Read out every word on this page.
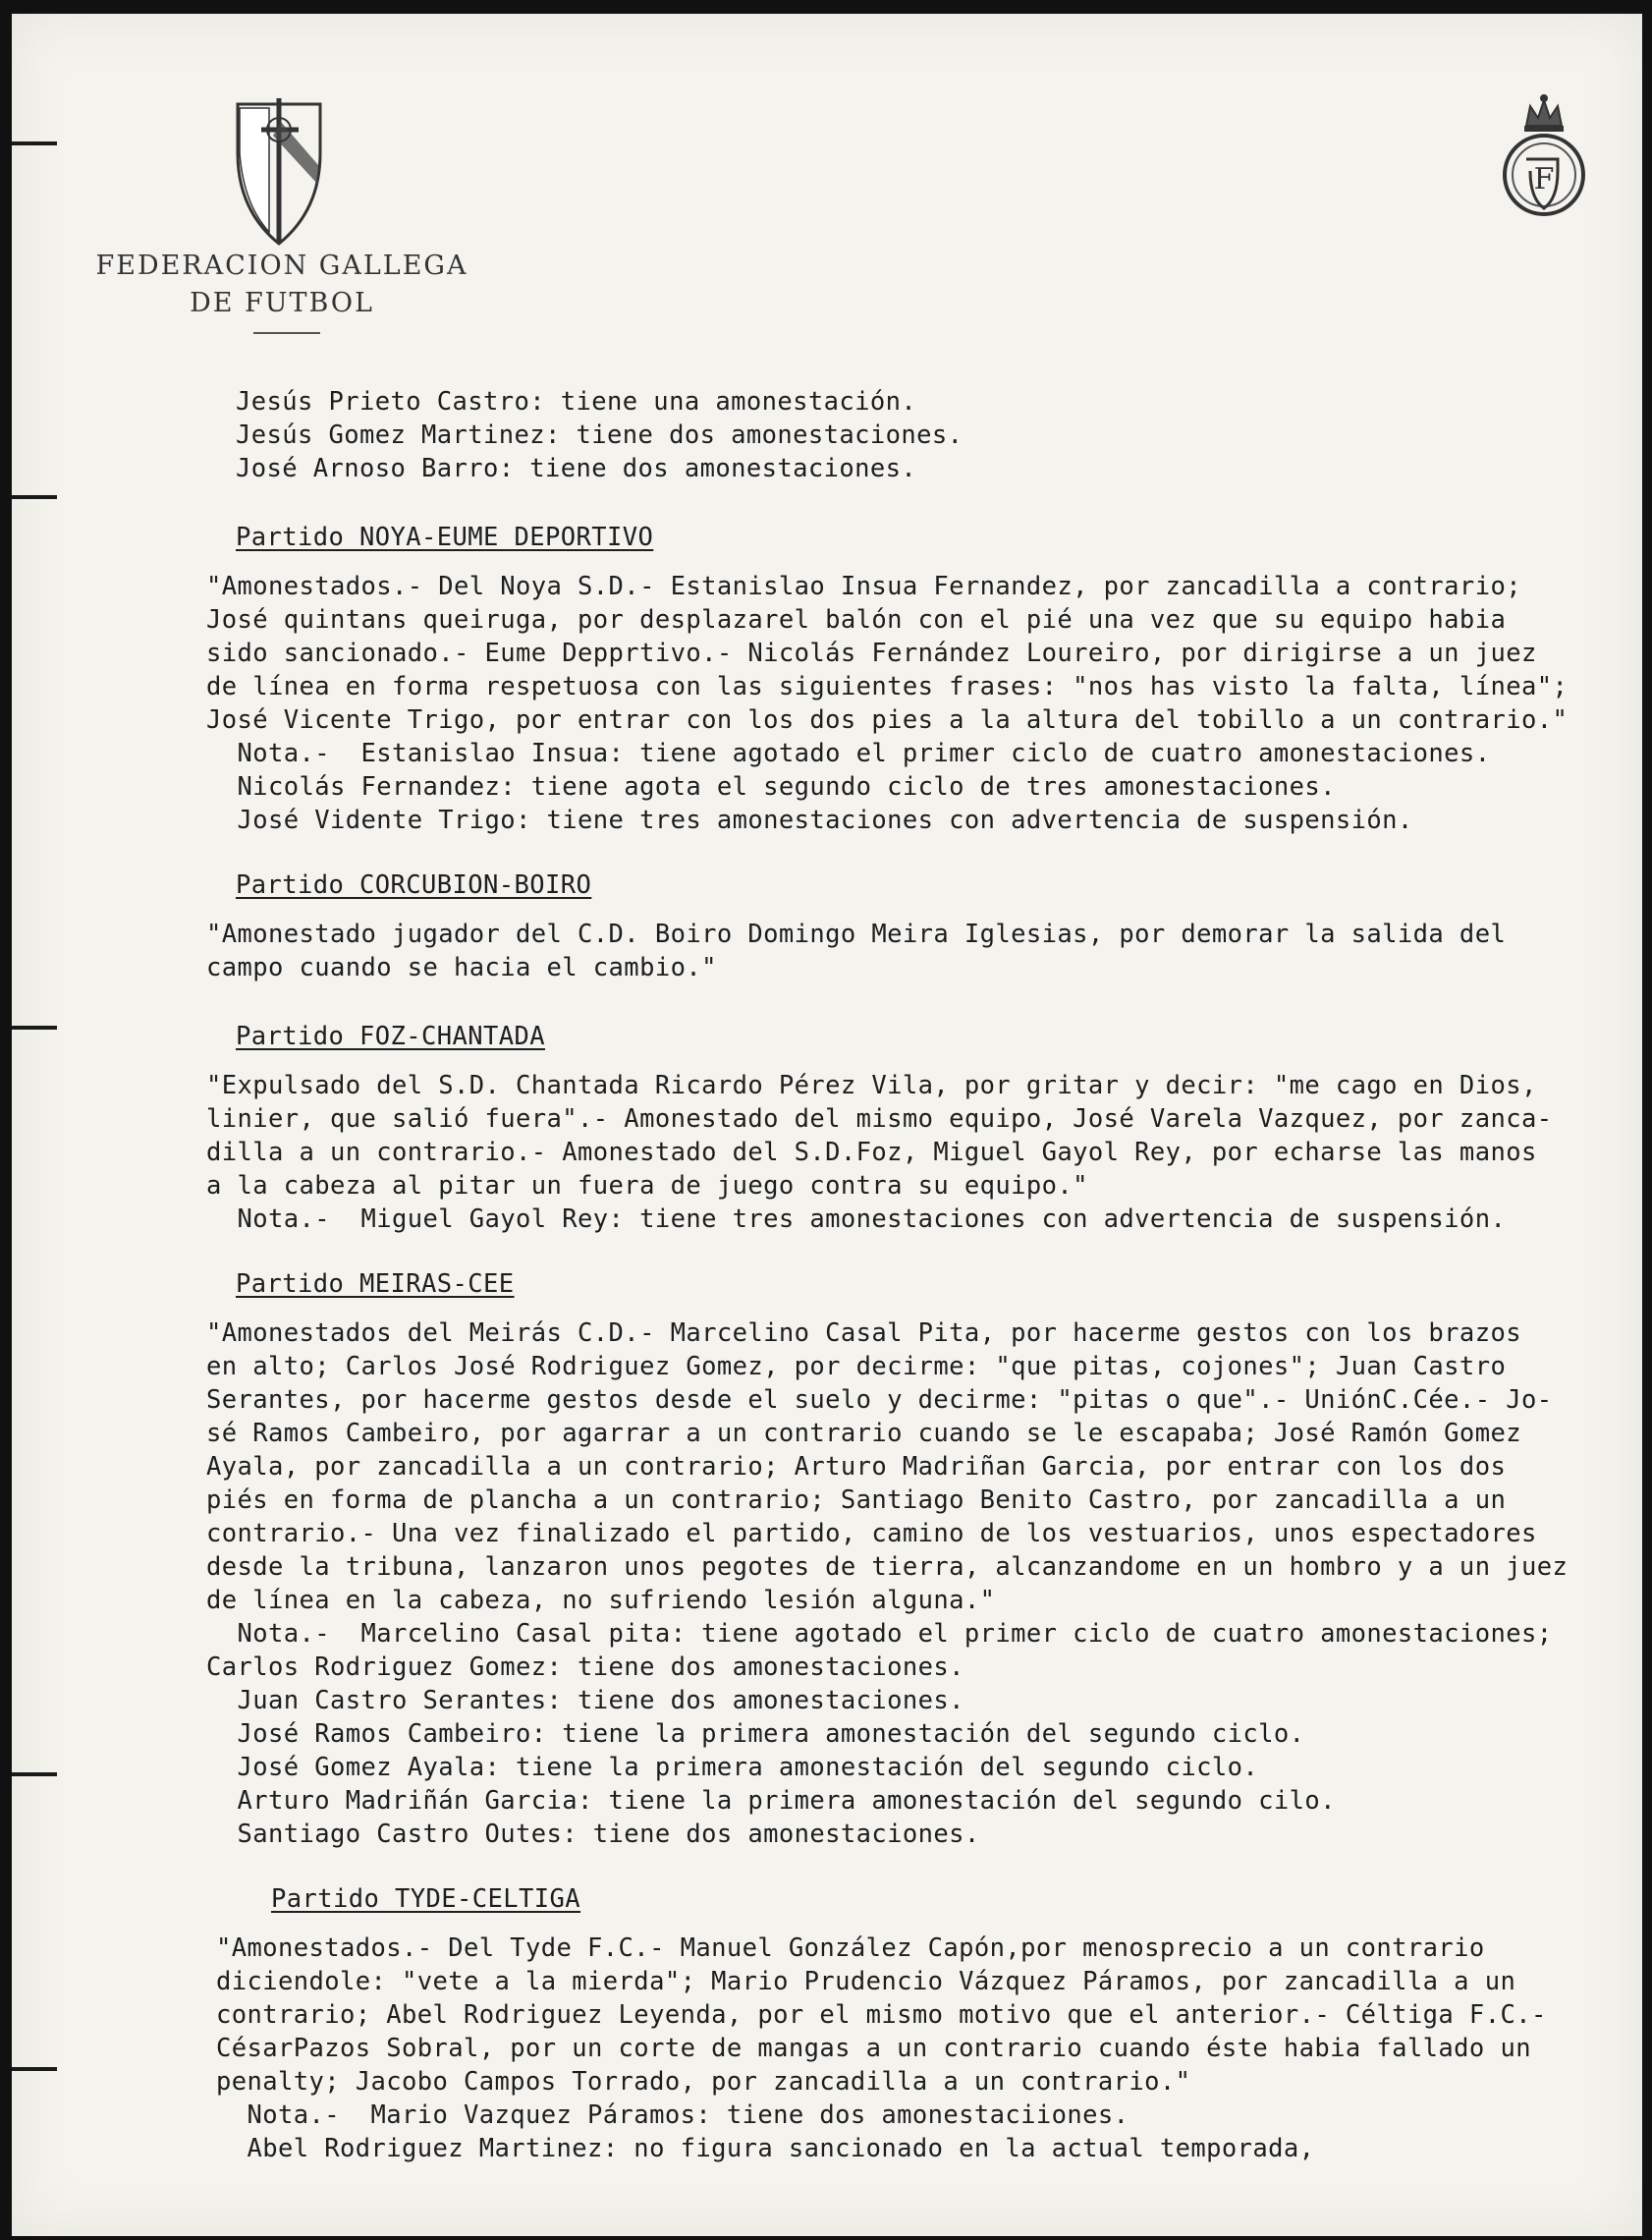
FEDERACION GALLEGA
DE FUTBOL
F
Jesús Prieto Castro: tiene una amonestación.
Jesús Gomez Martinez: tiene dos amonestaciones.
José Arnoso Barro: tiene dos amonestaciones.
Partido NOYA-EUME DEPORTIVO
"Amonestados.- Del Noya S.D.- Estanislao Insua Fernandez, por zancadilla a contrario;
José quintans queiruga, por desplazarel balón con el pié una vez que su equipo habia
sido sancionado.- Eume Depprtivo.- Nicolás Fernández Loureiro, por dirigirse a un juez
de línea en forma respetuosa con las siguientes frases: "nos has visto la falta, línea";
José Vicente Trigo, por entrar con los dos pies a la altura del tobillo a un contrario."
Nota.-  Estanislao Insua: tiene agotado el primer ciclo de cuatro amonestaciones.
Nicolás Fernandez: tiene agota el segundo ciclo de tres amonestaciones.
José Vidente Trigo: tiene tres amonestaciones con advertencia de suspensión.
Partido CORCUBION-BOIRO
"Amonestado jugador del C.D. Boiro Domingo Meira Iglesias, por demorar la salida del
campo cuando se hacia el cambio."
Partido FOZ-CHANTADA
"Expulsado del S.D. Chantada Ricardo Pérez Vila, por gritar y decir: "me cago en Dios,
linier, que salió fuera".- Amonestado del mismo equipo, José Varela Vazquez, por zanca-
dilla a un contrario.- Amonestado del S.D.Foz, Miguel Gayol Rey, por echarse las manos
a la cabeza al pitar un fuera de juego contra su equipo."
Nota.-  Miguel Gayol Rey: tiene tres amonestaciones con advertencia de suspensión.
Partido MEIRAS-CEE
"Amonestados del Meirás C.D.- Marcelino Casal Pita, por hacerme gestos con los brazos
en alto; Carlos José Rodriguez Gomez, por decirme: "que pitas, cojones"; Juan Castro
Serantes, por hacerme gestos desde el suelo y decirme: "pitas o que".- UniónC.Cée.- Jo-
sé Ramos Cambeiro, por agarrar a un contrario cuando se le escapaba; José Ramón Gomez
Ayala, por zancadilla a un contrario; Arturo Madriñan Garcia, por entrar con los dos
piés en forma de plancha a un contrario; Santiago Benito Castro, por zancadilla a un
contrario.- Una vez finalizado el partido, camino de los vestuarios, unos espectadores
desde la tribuna, lanzaron unos pegotes de tierra, alcanzandome en un hombro y a un juez
de línea en la cabeza, no sufriendo lesión alguna."
Nota.-  Marcelino Casal pita: tiene agotado el primer ciclo de cuatro amonestaciones;
Carlos Rodriguez Gomez: tiene dos amonestaciones.
Juan Castro Serantes: tiene dos amonestaciones.
José Ramos Cambeiro: tiene la primera amonestación del segundo ciclo.
José Gomez Ayala: tiene la primera amonestación del segundo ciclo.
Arturo Madriñán Garcia: tiene la primera amonestación del segundo cilo.
Santiago Castro Outes: tiene dos amonestaciones.
Partido TYDE-CELTIGA
"Amonestados.- Del Tyde F.C.- Manuel González Capón,por menosprecio a un contrario
diciendole: "vete a la mierda"; Mario Prudencio Vázquez Páramos, por zancadilla a un
contrario; Abel Rodriguez Leyenda, por el mismo motivo que el anterior.- Céltiga F.C.-
CésarPazos Sobral, por un corte de mangas a un contrario cuando éste habia fallado un
penalty; Jacobo Campos Torrado, por zancadilla a un contrario."
Nota.-  Mario Vazquez Páramos: tiene dos amonestaciiones.
Abel Rodriguez Martinez: no figura sancionado en la actual temporada,
